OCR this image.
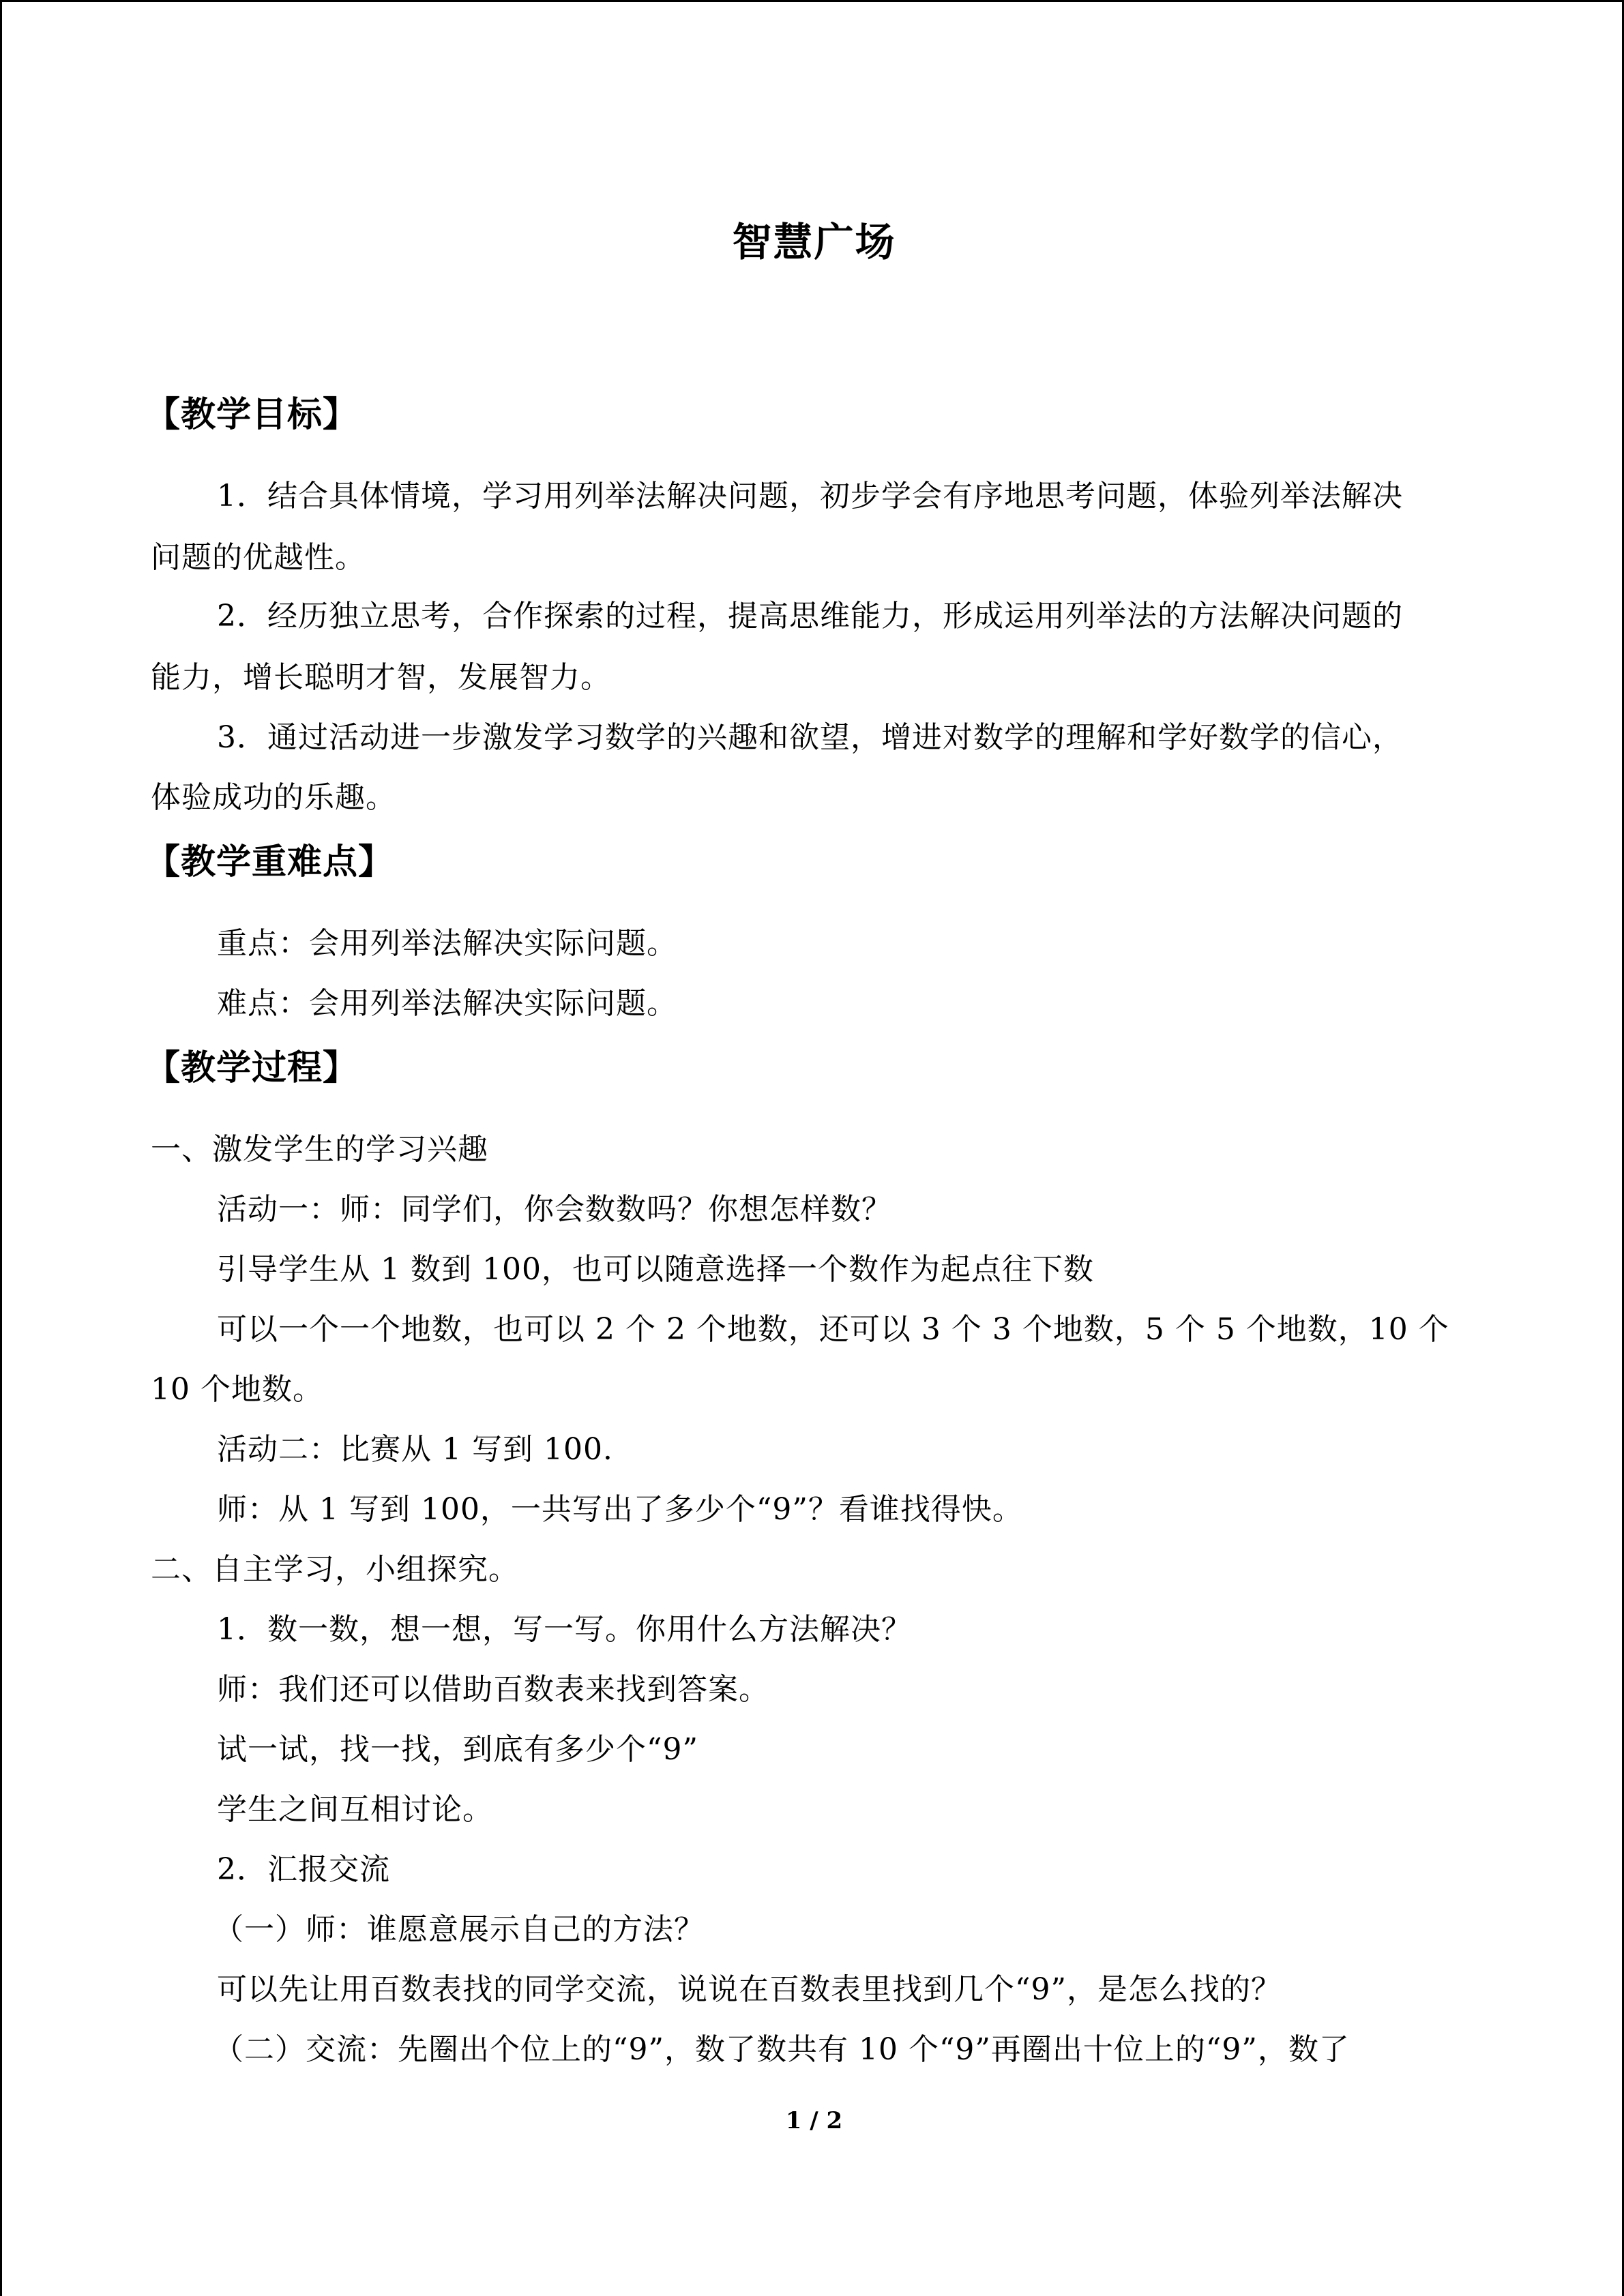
智慧广场
【教学目标】
1．结合具体情境，学习用列举法解决问题，初步学会有序地思考问题，体验列举法解决
问题的优越性。
2．经历独立思考，合作探索的过程，提高思维能力，形成运用列举法的方法解决问题的
能力，增长聪明才智，发展智力。
3．通过活动进一步激发学习数学的兴趣和欲望，增进对数学的理解和学好数学的信心，
体验成功的乐趣。
【教学重难点】
重点：会用列举法解决实际问题。
难点：会用列举法解决实际问题。
【教学过程】
一、激发学生的学习兴趣
活动一：师：同学们，你会数数吗？你想怎样数？
引导学生从 1 数到 100，也可以随意选择一个数作为起点往下数
可以一个一个地数，也可以 2 个 2 个地数，还可以 3 个 3 个地数，5 个 5 个地数，10 个
10 个地数。
活动二：比赛从 1 写到 100.
师：从 1 写到 100，一共写出了多少个“9”？看谁找得快。
二、自主学习，小组探究。
1．数一数，想一想，写一写。你用什么方法解决？
师：我们还可以借助百数表来找到答案。
试一试，找一找，到底有多少个“9”
学生之间互相讨论。
2．汇报交流
（一）师：谁愿意展示自己的方法？
可以先让用百数表找的同学交流，说说在百数表里找到几个“9”，是怎么找的？
（二）交流：先圈出个位上的“9”，数了数共有 10 个“9”再圈出十位上的“9”，数了
1 / 2
